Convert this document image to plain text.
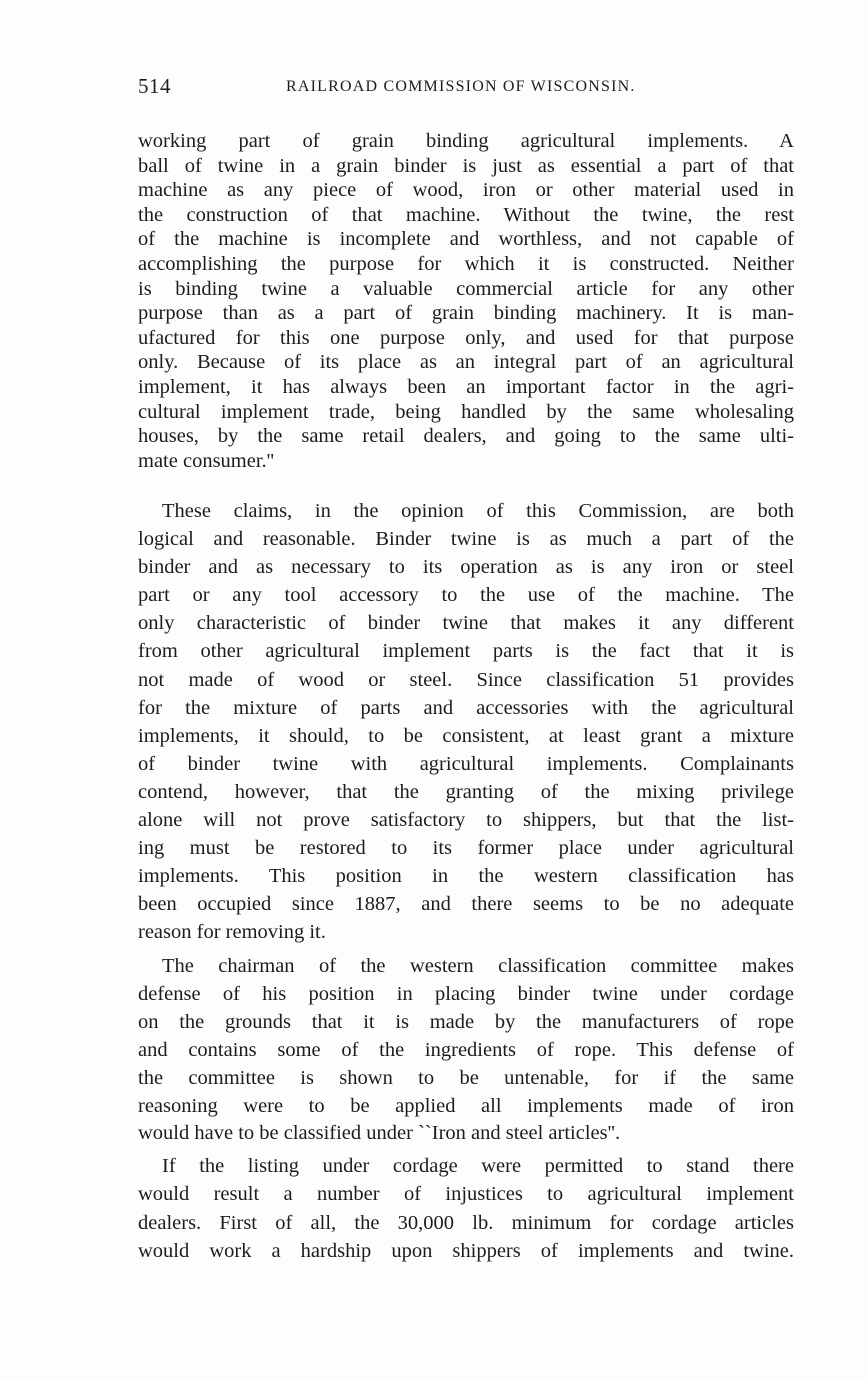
514	RAILROAD COMMISSION OF WISCONSIN.
working part of grain binding agricultural implements. A
ball of twine in a grain binder is just as essential a part of that
machine as any piece of wood, iron or other material used in
the construction of that machine. Without the twine, the rest
of the machine is incomplete and worthless, and not capable of
accomplishing the purpose for which it is constructed. Neither
is binding twine a valuable commercial article for any other
purpose than as a part of grain binding machinery. It is man-
ufactured for this one purpose only, and used for that purpose
only. Because of its place as an integral part of an agricultural
implement, it has always been an important factor in the agri-
cultural implement trade, being handled by the same wholesaling
houses, by the same retail dealers, and going to the same ulti-
mate consumer.''
These claims, in the opinion of this Commission, are both
logical and reasonable. Binder twine is as much a part of the
binder and as necessary to its operation as is any iron or steel
part or any tool accessory to the use of the machine. The
only characteristic of binder twine that makes it any different
from other agricultural implement parts is the fact that it is
not made of wood or steel. Since classification 51 provides
for the mixture of parts and accessories with the agricultural
implements, it should, to be consistent, at least grant a mixture
of binder twine with agricultural implements. Complainants
contend, however, that the granting of the mixing privilege
alone will not prove satisfactory to shippers, but that the list-
ing must be restored to its former place under agricultural
implements. This position in the western classification has
been occupied since 1887, and there seems to be no adequate
reason for removing it.
The chairman of the western classification committee makes
defense of his position in placing binder twine under cordage
on the grounds that it is made by the manufacturers of rope
and contains some of the ingredients of rope. This defense of
the committee is shown to be untenable, for if the same
reasoning were to be applied all implements made of iron
would have to be classified under ``Iron and steel articles''.
If the listing under cordage were permitted to stand there
would result a number of injustices to agricultural implement
dealers. First of all, the 30,000 lb. minimum for cordage articles
would work a hardship upon shippers of implements and twine.
